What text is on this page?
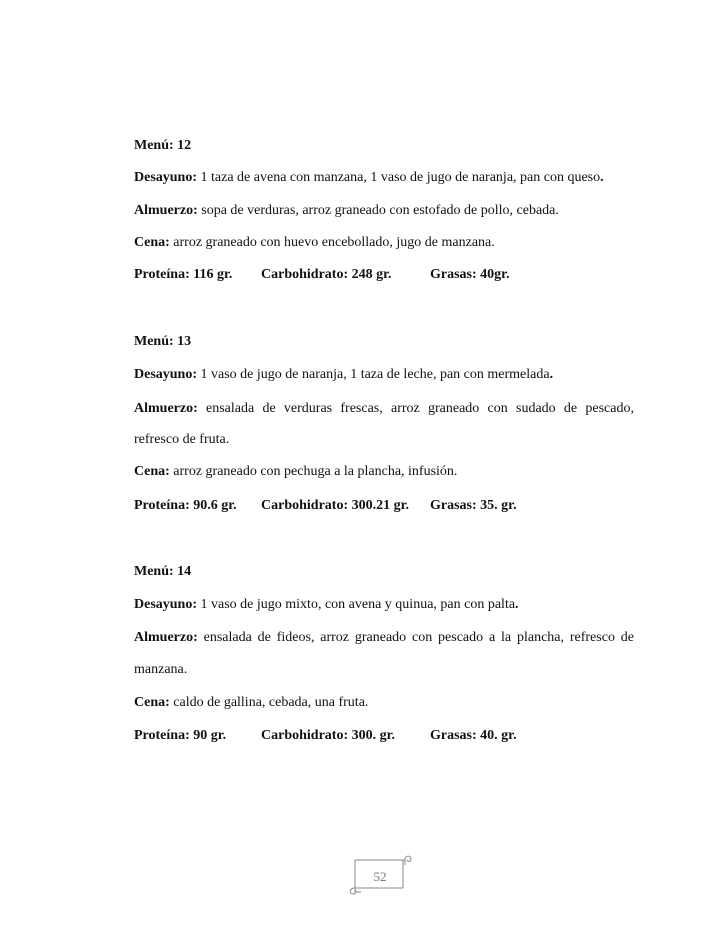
Menú: 12
Desayuno: 1 taza de avena con manzana, 1 vaso de jugo de naranja, pan con queso.
Almuerzo: sopa de verduras, arroz graneado con estofado de pollo, cebada.
Cena: arroz graneado con huevo encebollado, jugo de manzana.
Proteína: 116 gr. Carbohidrato: 248 gr.	Grasas: 40gr.
Menú: 13
Desayuno: 1 vaso de jugo de naranja, 1 taza de leche, pan con mermelada.
Almuerzo: ensalada de verduras frescas, arroz graneado con sudado de pescado,
refresco de fruta.
Cena: arroz graneado con pechuga a la plancha, infusión.
Proteína: 90.6 gr. Carbohidrato: 300.21 gr. Grasas: 35. gr.
Menú: 14
Desayuno: 1 vaso de jugo mixto, con avena y quinua, pan con palta.
Almuerzo: ensalada de fideos, arroz graneado con pescado a la plancha, refresco de
manzana.
Cena: caldo de gallina, cebada, una fruta.
Proteína: 90 gr. Carbohidrato: 300. gr. Grasas: 40. gr.
52
